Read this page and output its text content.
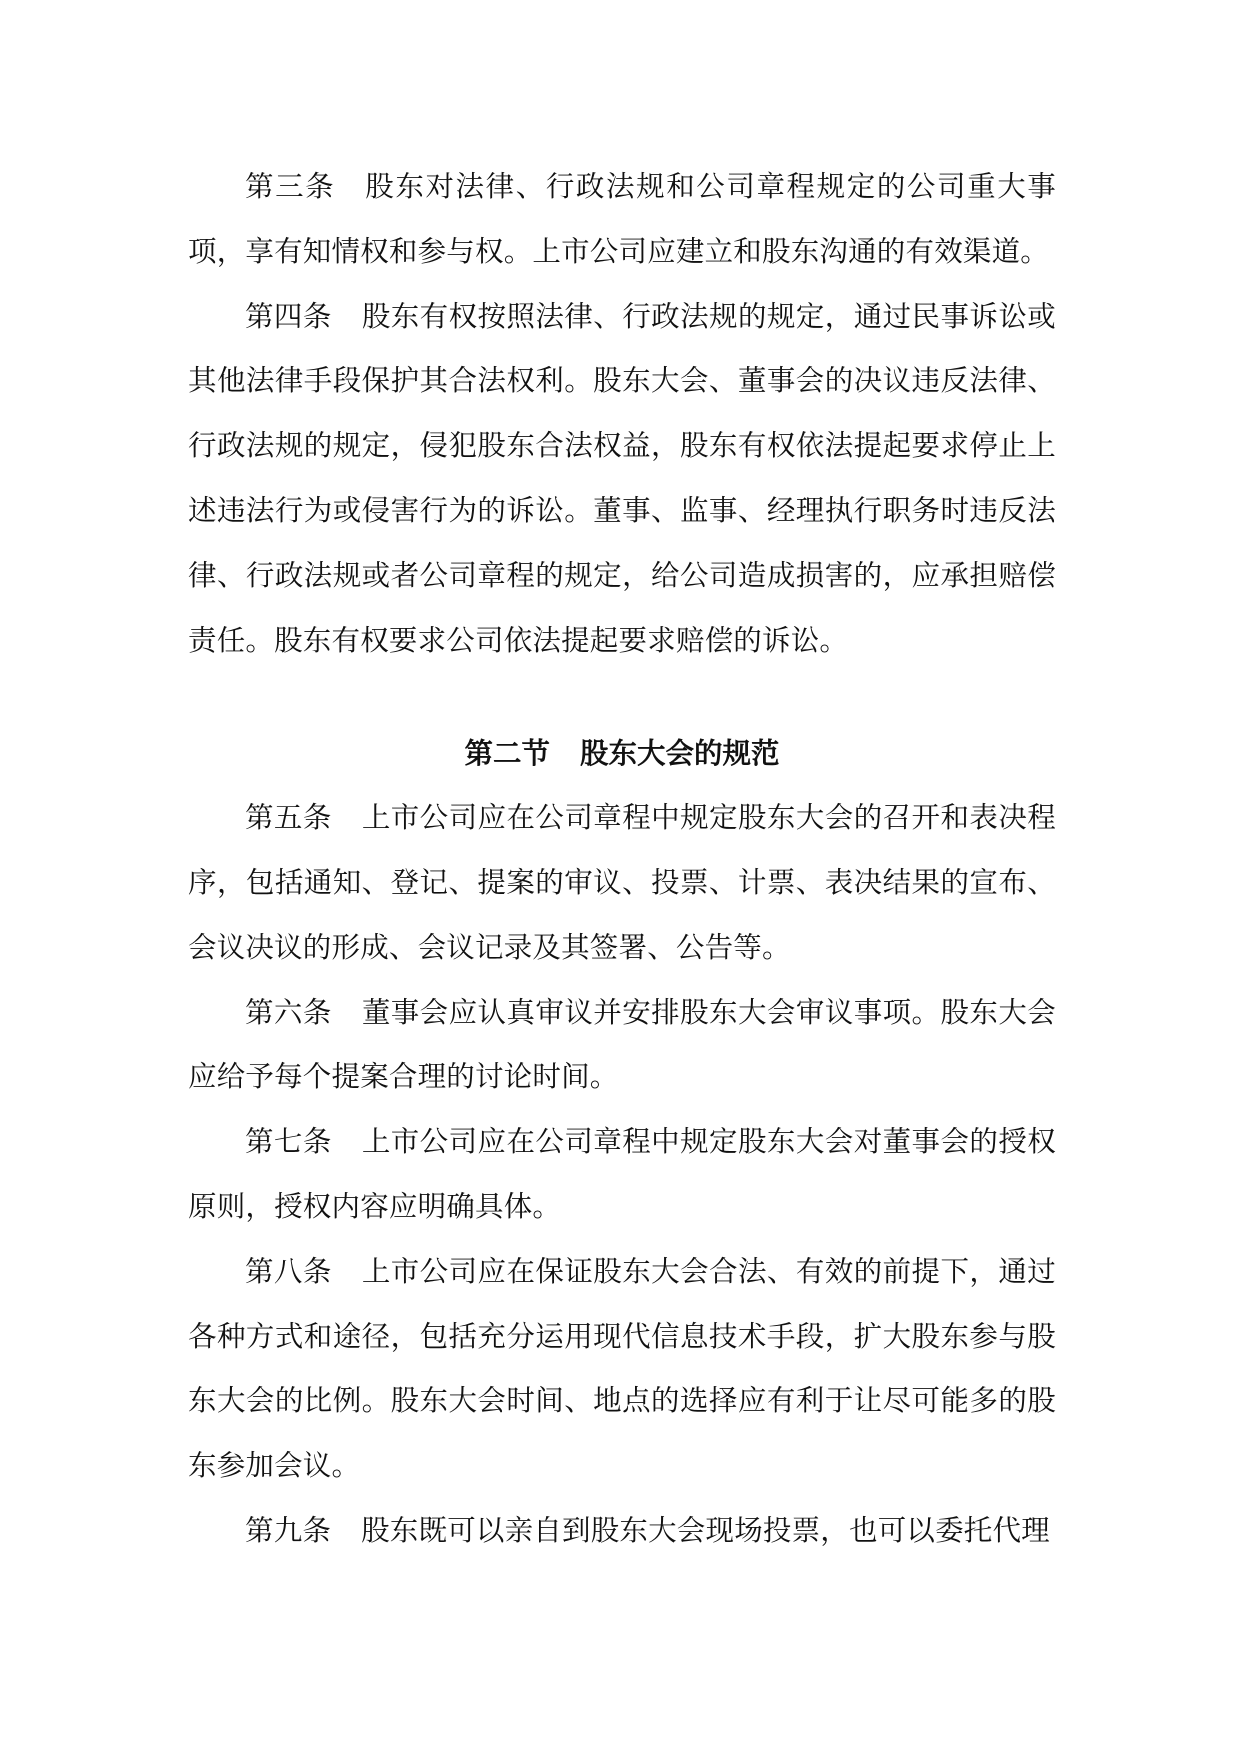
第三条 股东对法律、行政法规和公司章程规定的公司重大事项，享有知情权和参与权。上市公司应建立和股东沟通的有效渠道。

第四条 股东有权按照法律、行政法规的规定，通过民事诉讼或其他法律手段保护其合法权利。股东大会、董事会的决议违反法律、行政法规的规定，侵犯股东合法权益，股东有权依法提起要求停止上述违法行为或侵害行为的诉讼。董事、监事、经理执行职务时违反法律、行政法规或者公司章程的规定，给公司造成损害的，应承担赔偿责任。股东有权要求公司依法提起要求赔偿的诉讼。

第二节 股东大会的规范

第五条 上市公司应在公司章程中规定股东大会的召开和表决程序，包括通知、登记、提案的审议、投票、计票、表决结果的宣布、会议决议的形成、会议记录及其签署、公告等。

第六条 董事会应认真审议并安排股东大会审议事项。股东大会应给予每个提案合理的讨论时间。

第七条 上市公司应在公司章程中规定股东大会对董事会的授权原则，授权内容应明确具体。

第八条 上市公司应在保证股东大会合法、有效的前提下，通过各种方式和途径，包括充分运用现代信息技术手段，扩大股东参与股东大会的比例。股东大会时间、地点的选择应有利于让尽可能多的股东参加会议。

第九条 股东既可以亲自到股东大会现场投票，也可以委托代理
